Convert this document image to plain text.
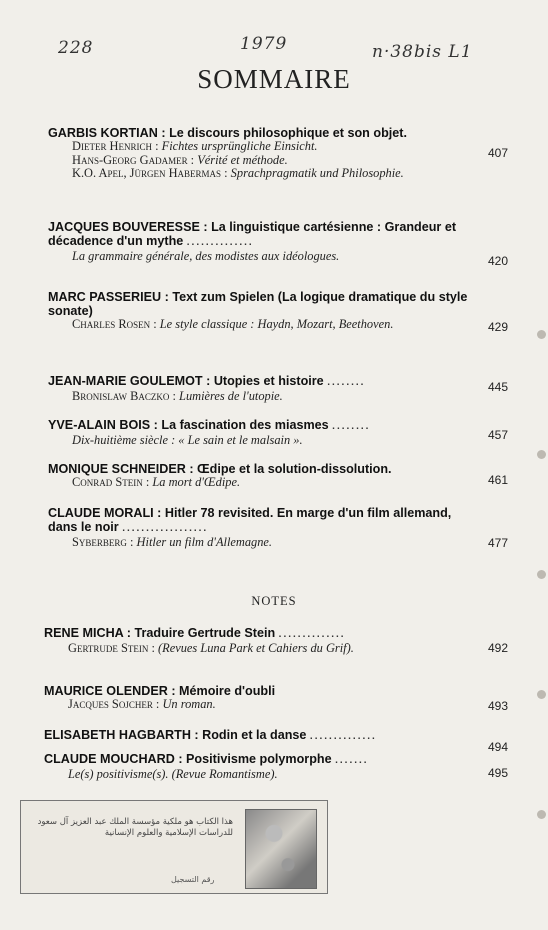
228	1979	n·38bis L1
SOMMAIRE
GARBIS KORTIAN : Le discours philosophique et son objet.
Dieter Henrich : Fichtes ursprüngliche Einsicht.
Hans-Georg Gadamer : Vérité et méthode.
K.O. Apel, Jürgen Habermas : Sprachpragmatik und Philosophie.
407
JACQUES BOUVERESSE : La linguistique cartésienne : Grandeur et décadence d'un mythe ..............
La grammaire générale, des modistes aux idéologues.	420
MARC PASSERIEU : Text zum Spielen (La logique dramatique du style sonate)
Charles Rosen : Le style classique : Haydn, Mozart, Beethoven.	429
JEAN-MARIE GOULEMOT : Utopies et histoire ........
Bronislaw Baczko : Lumières de l'utopie.
445
YVE-ALAIN BOIS : La fascination des miasmes ........
Dix-huitième siècle : « Le sain et le malsain ».	457
MONIQUE SCHNEIDER : Œdipe et la solution-dissolution.
Conrad Stein : La mort d'Œdipe.	461
CLAUDE MORALI : Hitler 78 revisited. En marge d'un film allemand, dans le noir ..................
Syberberg : Hitler un film d'Allemagne.	477
NOTES
RENE MICHA : Traduire Gertrude Stein ..............
Gertrude Stein : (Revues Luna Park et Cahiers du Grif).	492
MAURICE OLENDER : Mémoire d'oubli
Jacques Sojcher : Un roman.	493
ELISABETH HAGBARTH : Rodin et la danse ..............
494
CLAUDE MOUCHARD : Positivisme polymorphe .......
Le(s) positivisme(s). (Revue Romantisme).	495
هذا الكتاب هو ملكية مؤسسة الملك عبد العزيز آل سعود للدراسات الإسلامية والعلوم الإنسانية
رقم التسجيل
